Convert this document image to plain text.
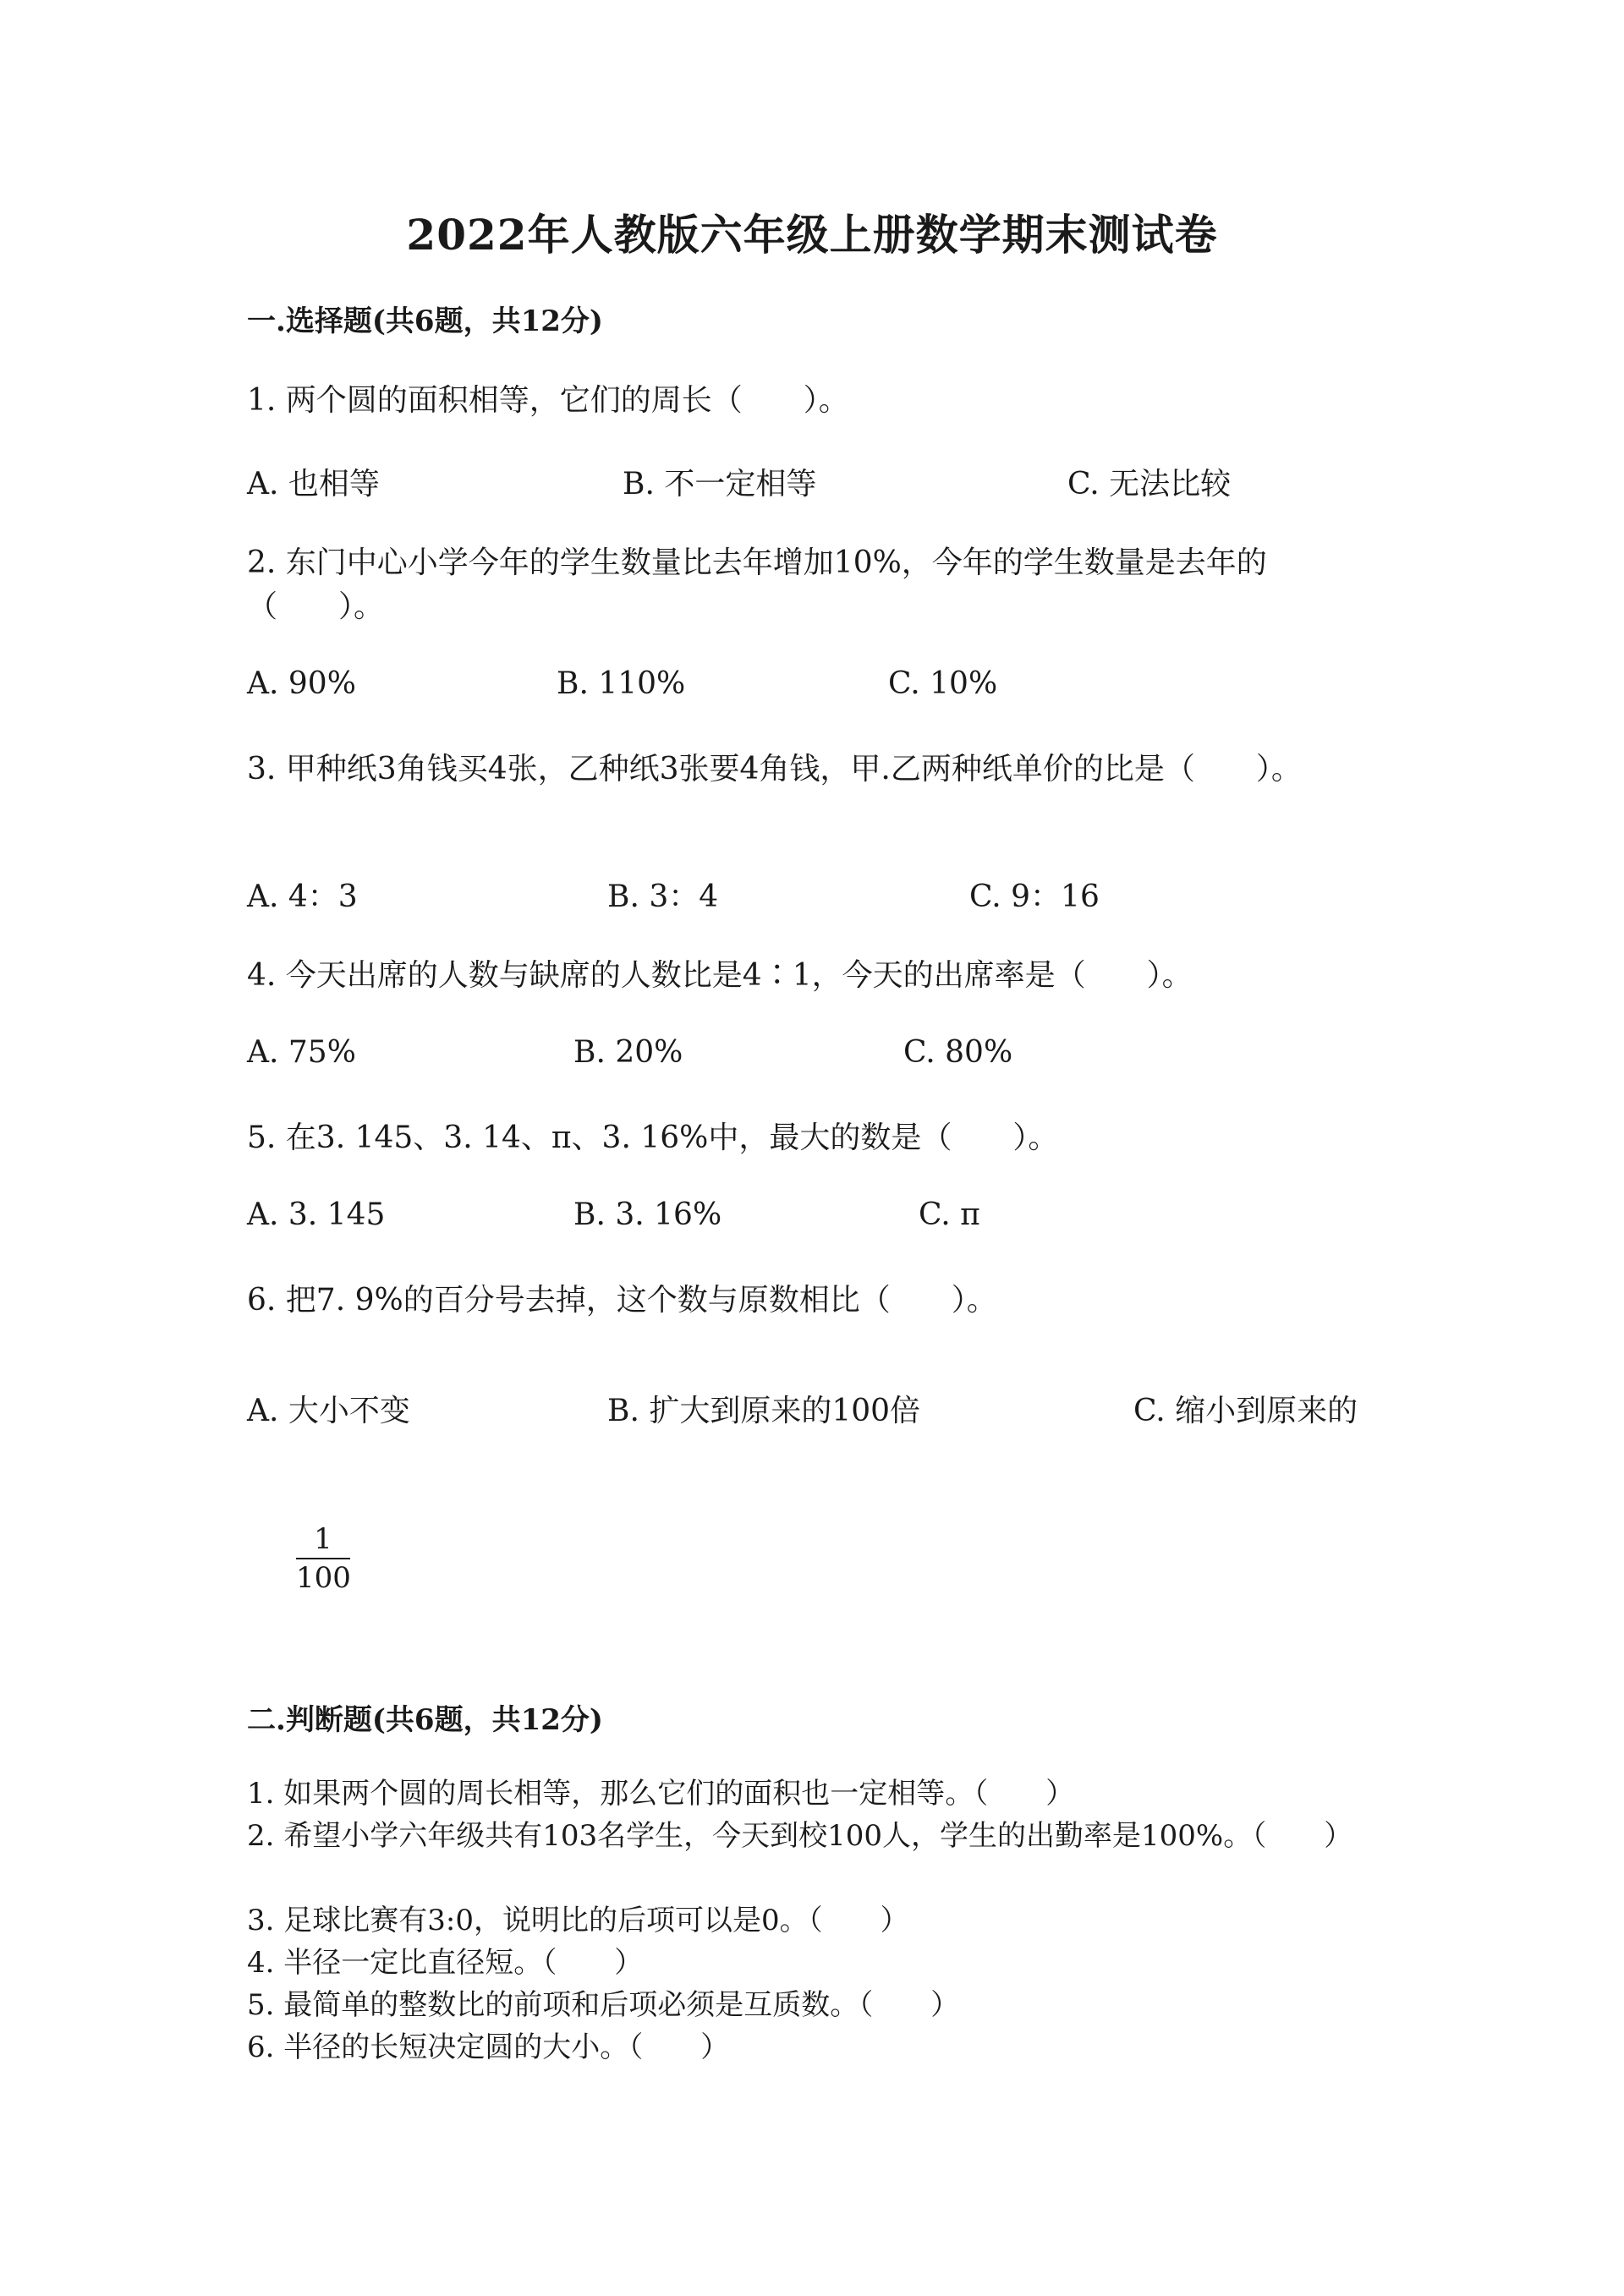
2022年人教版六年级上册数学期末测试卷
一.选择题(共6题，共12分)
1. 两个圆的面积相等，它们的周长（　　）。
A. 也相等	B. 不一定相等	C. 无法比较
2. 东门中心小学今年的学生数量比去年增加10%，今年的学生数量是去年的（　　）。
A. 90%	B. 110%	C. 10%
3. 甲种纸3角钱买4张，乙种纸3张要4角钱，甲.乙两种纸单价的比是（　　）。
A. 4：3	B. 3：4	C. 9：16
4. 今天出席的人数与缺席的人数比是4∶1，今天的出席率是（　　）。
A. 75%	B. 20%	C. 80%
5. 在3. 145、3. 14、π、3. 16%中，最大的数是（　　）。
A. 3. 145	B. 3. 16%	C. π
6. 把7. 9%的百分号去掉，这个数与原数相比（　　）。
A. 大小不变	B. 扩大到原来的100倍	C. 缩小到原来的
1
100
二.判断题(共6题，共12分)
1. 如果两个圆的周长相等，那么它们的面积也一定相等。（　　）
2. 希望小学六年级共有103名学生，今天到校100人，学生的出勤率是100%。（　　）
3. 足球比赛有3:0，说明比的后项可以是0。（　　）
4. 半径一定比直径短。（　　）
5. 最简单的整数比的前项和后项必须是互质数。（　　）
6. 半径的长短决定圆的大小。（　　）
